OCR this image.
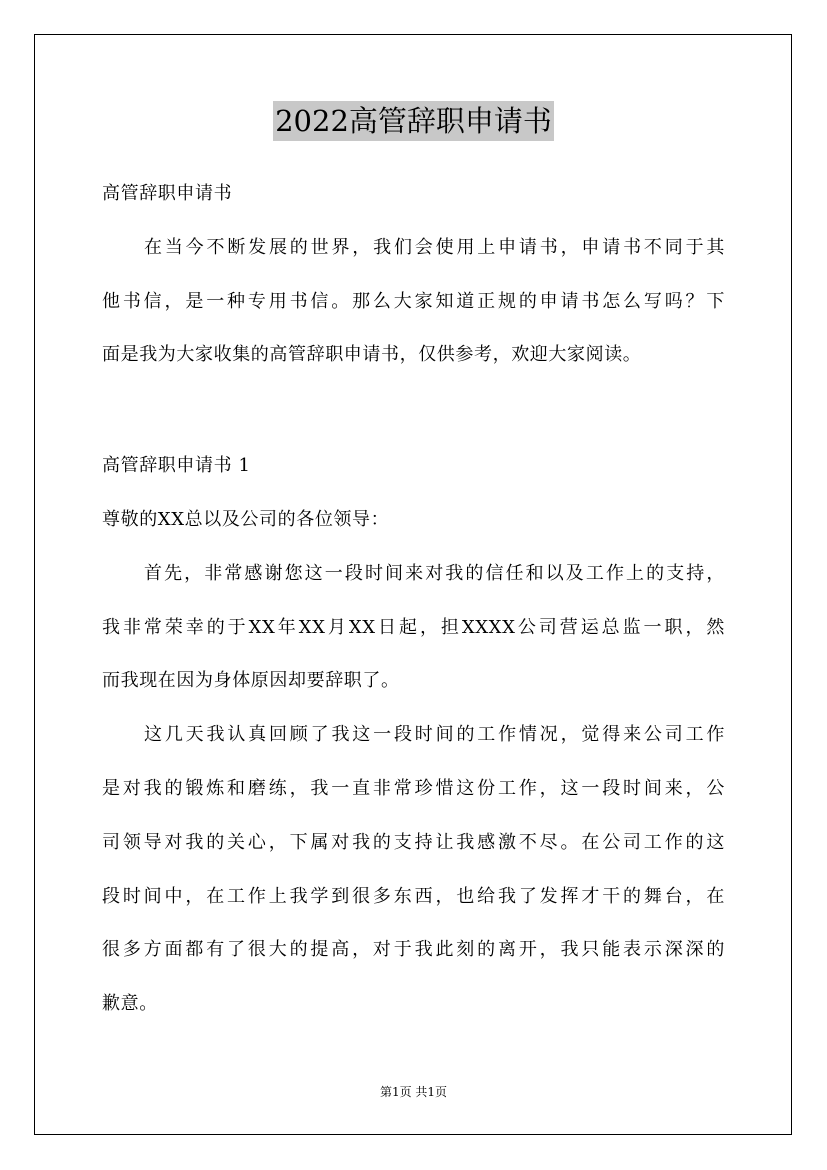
2022高管辞职申请书
高管辞职申请书
在当今不断发展的世界，我们会使用上申请书，申请书不同于其
他书信，是一种专用书信。那么大家知道正规的申请书怎么写吗？下
面是我为大家收集的高管辞职申请书，仅供参考，欢迎大家阅读。
高管辞职申请书 1
尊敬的XX总以及公司的各位领导：
首先，非常感谢您这一段时间来对我的信任和以及工作上的支持，
我非常荣幸的于XX年XX月XX日起，担XXXX公司营运总监一职，然
而我现在因为身体原因却要辞职了。
这几天我认真回顾了我这一段时间的工作情况，觉得来公司工作
是对我的锻炼和磨练，我一直非常珍惜这份工作，这一段时间来，公
司领导对我的关心，下属对我的支持让我感激不尽。在公司工作的这
段时间中，在工作上我学到很多东西，也给我了发挥才干的舞台，在
很多方面都有了很大的提高，对于我此刻的离开，我只能表示深深的
歉意。
第1页 共1页
